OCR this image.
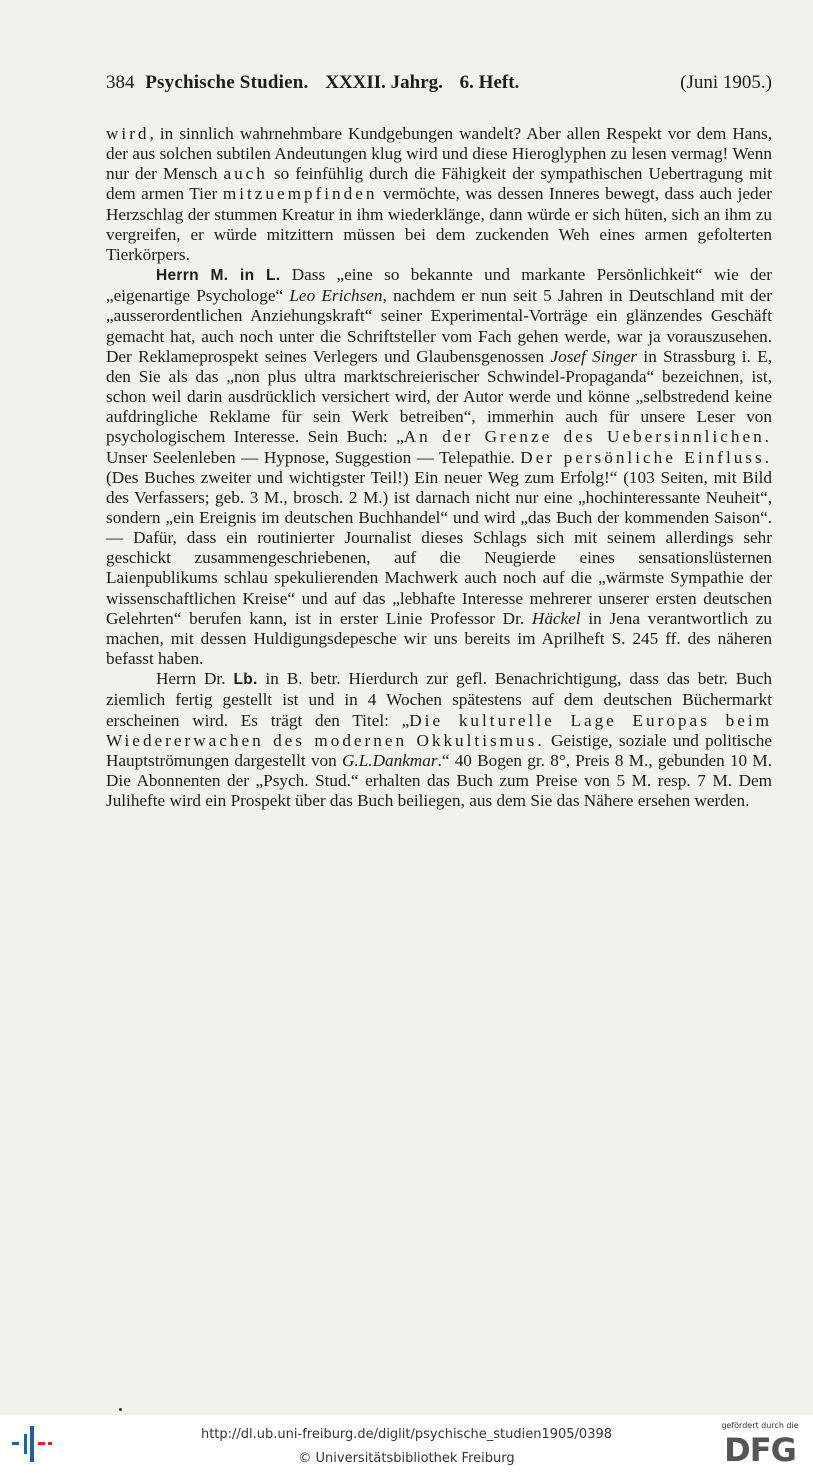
384 Psychische Studien. XXXII. Jahrg. 6. Heft.	(Juni 1905.)

wird, in sinnlich wahrnehmbare Kundgebungen wandelt? Aber allen Respekt vor dem Hans, der aus solchen subtilen Andeutungen klug wird und diese Hieroglyphen zu lesen vermag! Wenn nur der Mensch auch so feinfühlig durch die Fähigkeit der sympathischen Uebertragung mit dem armen Tier mitzuempfinden vermöchte, was dessen Inneres bewegt, dass auch jeder Herzschlag der stummen Kreatur in ihm wiederklänge, dann würde er sich hüten, sich an ihm zu vergreifen, er würde mitzittern müssen bei dem zuckenden Weh eines armen gefolterten Tierkörpers.

Herrn M. in L. Dass „eine so bekannte und markante Persönlichkeit“ wie der „eigenartige Psychologe“ Leo Erichsen, nachdem er nun seit 5 Jahren in Deutschland mit der „ausserordentlichen Anziehungskraft“ seiner Experimental-Vorträge ein glänzendes Geschäft gemacht hat, auch noch unter die Schriftsteller vom Fach gehen werde, war ja vorauszusehen. Der Reklameprospekt seines Verlegers und Glaubensgenossen Josef Singer in Strassburg i. E, den Sie als das „non plus ultra marktschreierischer Schwindel-Propaganda“ bezeichnen, ist, schon weil darin ausdrücklich versichert wird, der Autor werde und könne „selbstredend keine aufdringliche Reklame für sein Werk betreiben“, immerhin auch für unsere Leser von psychologischem Interesse. Sein Buch: „An der Grenze des Uebersinnlichen. Unser Seelenleben — Hypnose, Suggestion — Telepathie. Der persönliche Einfluss. (Des Buches zweiter und wichtigster Teil!) Ein neuer Weg zum Erfolg!“ (103 Seiten, mit Bild des Verfassers; geb. 3 M., brosch. 2 M.) ist darnach nicht nur eine „hochinteressante Neuheit“, sondern „ein Ereignis im deutschen Buchhandel“ und wird „das Buch der kommenden Saison“. — Dafür, dass ein routinierter Journalist dieses Schlags sich mit seinem allerdings sehr geschickt zusammengeschriebenen, auf die Neugierde eines sensationslüsternen Laienpublikums schlau spekulierenden Machwerk auch noch auf die „wärmste Sympathie der wissenschaftlichen Kreise“ und auf das „lebhafte Interesse mehrerer unserer ersten deutschen Gelehrten“ berufen kann, ist in erster Linie Professor Dr. Häckel in Jena verantwortlich zu machen, mit dessen Huldigungsdepesche wir uns bereits im Aprilheft S. 245 ff. des näheren befasst haben.

Herrn Dr. Lb. in B. betr. Hierdurch zur gefl. Benachrichtigung, dass das betr. Buch ziemlich fertig gestellt ist und in 4 Wochen spätestens auf dem deutschen Büchermarkt erscheinen wird. Es trägt den Titel: „Die kulturelle Lage Europas beim Wiedererwachen des modernen Okkultismus. Geistige, soziale und politische Hauptströmungen dargestellt von G.L.Dankmar.“ 40 Bogen gr. 8°, Preis 8 M., gebunden 10 M. Die Abonnenten der „Psych. Stud.“ erhalten das Buch zum Preise von 5 M. resp. 7 M. Dem Julihefte wird ein Prospekt über das Buch beiliegen, aus dem Sie das Nähere ersehen werden.

http://dl.ub.uni-freiburg.de/diglit/psychische_studien1905/0398
© Universitätsbibliothek Freiburg
gefördert durch die
DFG
